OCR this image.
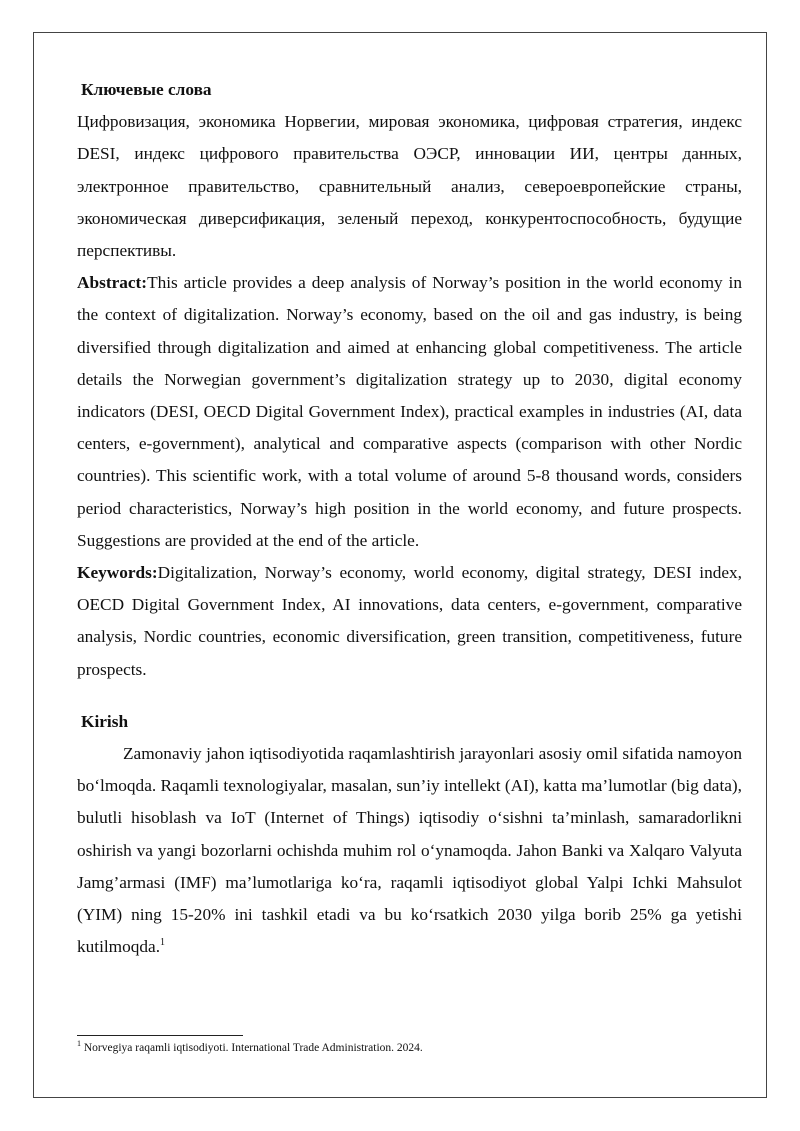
Ключевые слова

Цифровизация, экономика Норвегии, мировая экономика, цифровая стратегия, индекс DESI, индекс цифрового правительства ОЭСР, инновации ИИ, центры данных, электронное правительство, сравнительный анализ, североевропейские страны, экономическая диверсификация, зеленый переход, конкурентоспособность, будущие перспективы.

Abstract:This article provides a deep analysis of Norway’s position in the world economy in the context of digitalization. Norway’s economy, based on the oil and gas industry, is being diversified through digitalization and aimed at enhancing global competitiveness. The article details the Norwegian government’s digitalization strategy up to 2030, digital economy indicators (DESI, OECD Digital Government Index), practical examples in industries (AI, data centers, e-government), analytical and comparative aspects (comparison with other Nordic countries). This scientific work, with a total volume of around 5-8 thousand words, considers period characteristics, Norway’s high position in the world economy, and future prospects. Suggestions are provided at the end of the article.

Keywords:Digitalization, Norway’s economy, world economy, digital strategy, DESI index, OECD Digital Government Index, AI innovations, data centers, e-government, comparative analysis, Nordic countries, economic diversification, green transition, competitiveness, future prospects.

Kirish

Zamonaviy jahon iqtisodiyotida raqamlashtirish jarayonlari asosiy omil sifatida namoyon boʻlmoqda. Raqamli texnologiyalar, masalan, sun’iy intellekt (AI), katta ma’lumotlar (big data), bulutli hisoblash va IoT (Internet of Things) iqtisodiy oʻsishni ta’minlash, samaradorlikni oshirish va yangi bozorlarni ochishda muhim rol oʻynamoqda. Jahon Banki va Xalqaro Valyuta Jamg’armasi (IMF) ma’lumotlariga koʻra, raqamli iqtisodiyot global Yalpi Ichki Mahsulot (YIM) ning 15-20% ini tashkil etadi va bu koʻrsatkich 2030 yilga borib 25% ga yetishi kutilmoqda.$^1$

$^1$ Norvegiya raqamli iqtisodiyoti. International Trade Administration. 2024.
